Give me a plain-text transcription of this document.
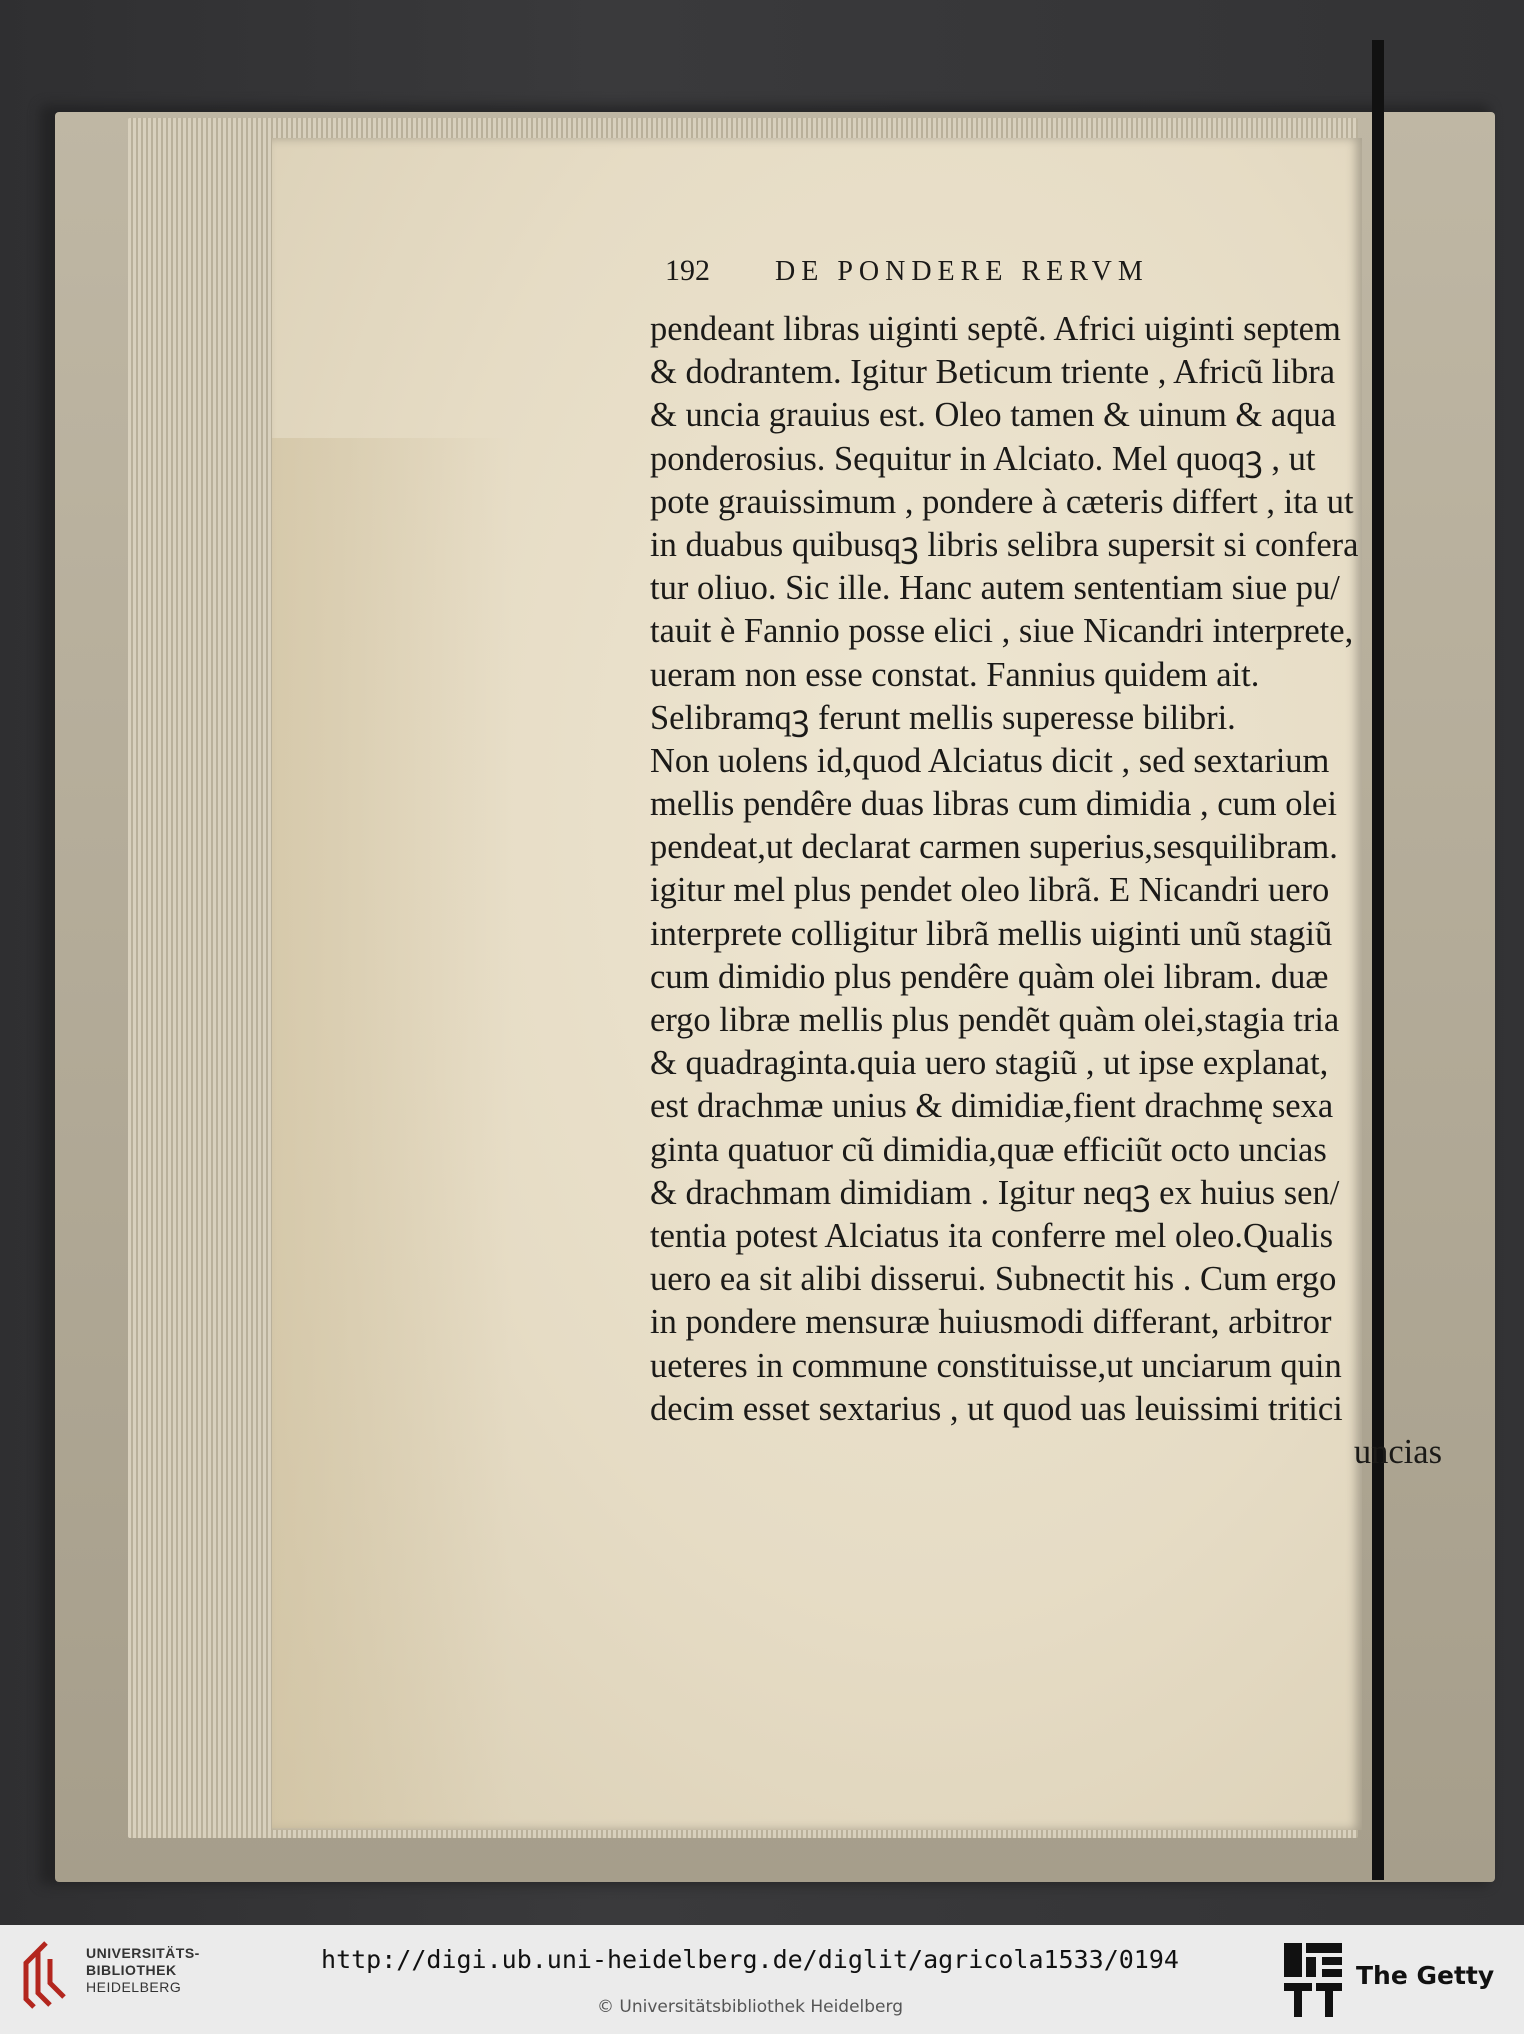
192	DE PONDERE RERVM
pendeant libras uiginti septẽ. Africi uiginti septem
& dodrantem. Igitur Beticum triente , Africũ libra
& uncia grauius est. Oleo tamen & uinum & aqua
ponderosius. Sequitur in Alciato. Mel quoqꝫ , ut
pote grauissimum , pondere à cæteris differt , ita ut
in duabus quibusqꝫ libris selibra supersit si confera
tur oliuo. Sic ille. Hanc autem sententiam siue pu/
tauit è Fannio posse elici , siue Nicandri interprete,
ueram non esse constat. Fannius quidem ait.
Selibramqꝫ ferunt mellis superesse bilibri.
Non uolens id,quod Alciatus dicit , sed sextarium
mellis pendêre duas libras cum dimidia , cum olei
pendeat,ut declarat carmen superius,sesquilibram.
igitur mel plus pendet oleo librã. E Nicandri uero
interprete colligitur librã mellis uiginti unũ stagiũ
cum dimidio plus pendêre quàm olei libram. duæ
ergo libræ mellis plus pendẽt quàm olei,stagia tria
& quadraginta.quia uero stagiũ , ut ipse explanat,
est drachmæ unius & dimidiæ,fient drachmę sexa
ginta quatuor cũ dimidia,quæ efficiũt octo uncias
& drachmam dimidiam . Igitur neqꝫ ex huius sen/
tentia potest Alciatus ita conferre mel oleo.Qualis
uero ea sit alibi disserui. Subnectit his . Cum ergo
in pondere mensuræ huiusmodi differant, arbitror
ueteres in commune constituisse,ut unciarum quin
decim esset sextarius , ut quod uas leuissimi tritici
uncias
UNIVERSITÄTS-
BIBLIOTHEK
HEIDELBERG
http://digi.ub.uni-heidelberg.de/diglit/agricola1533/0194
© Universitätsbibliothek Heidelberg
The Getty
